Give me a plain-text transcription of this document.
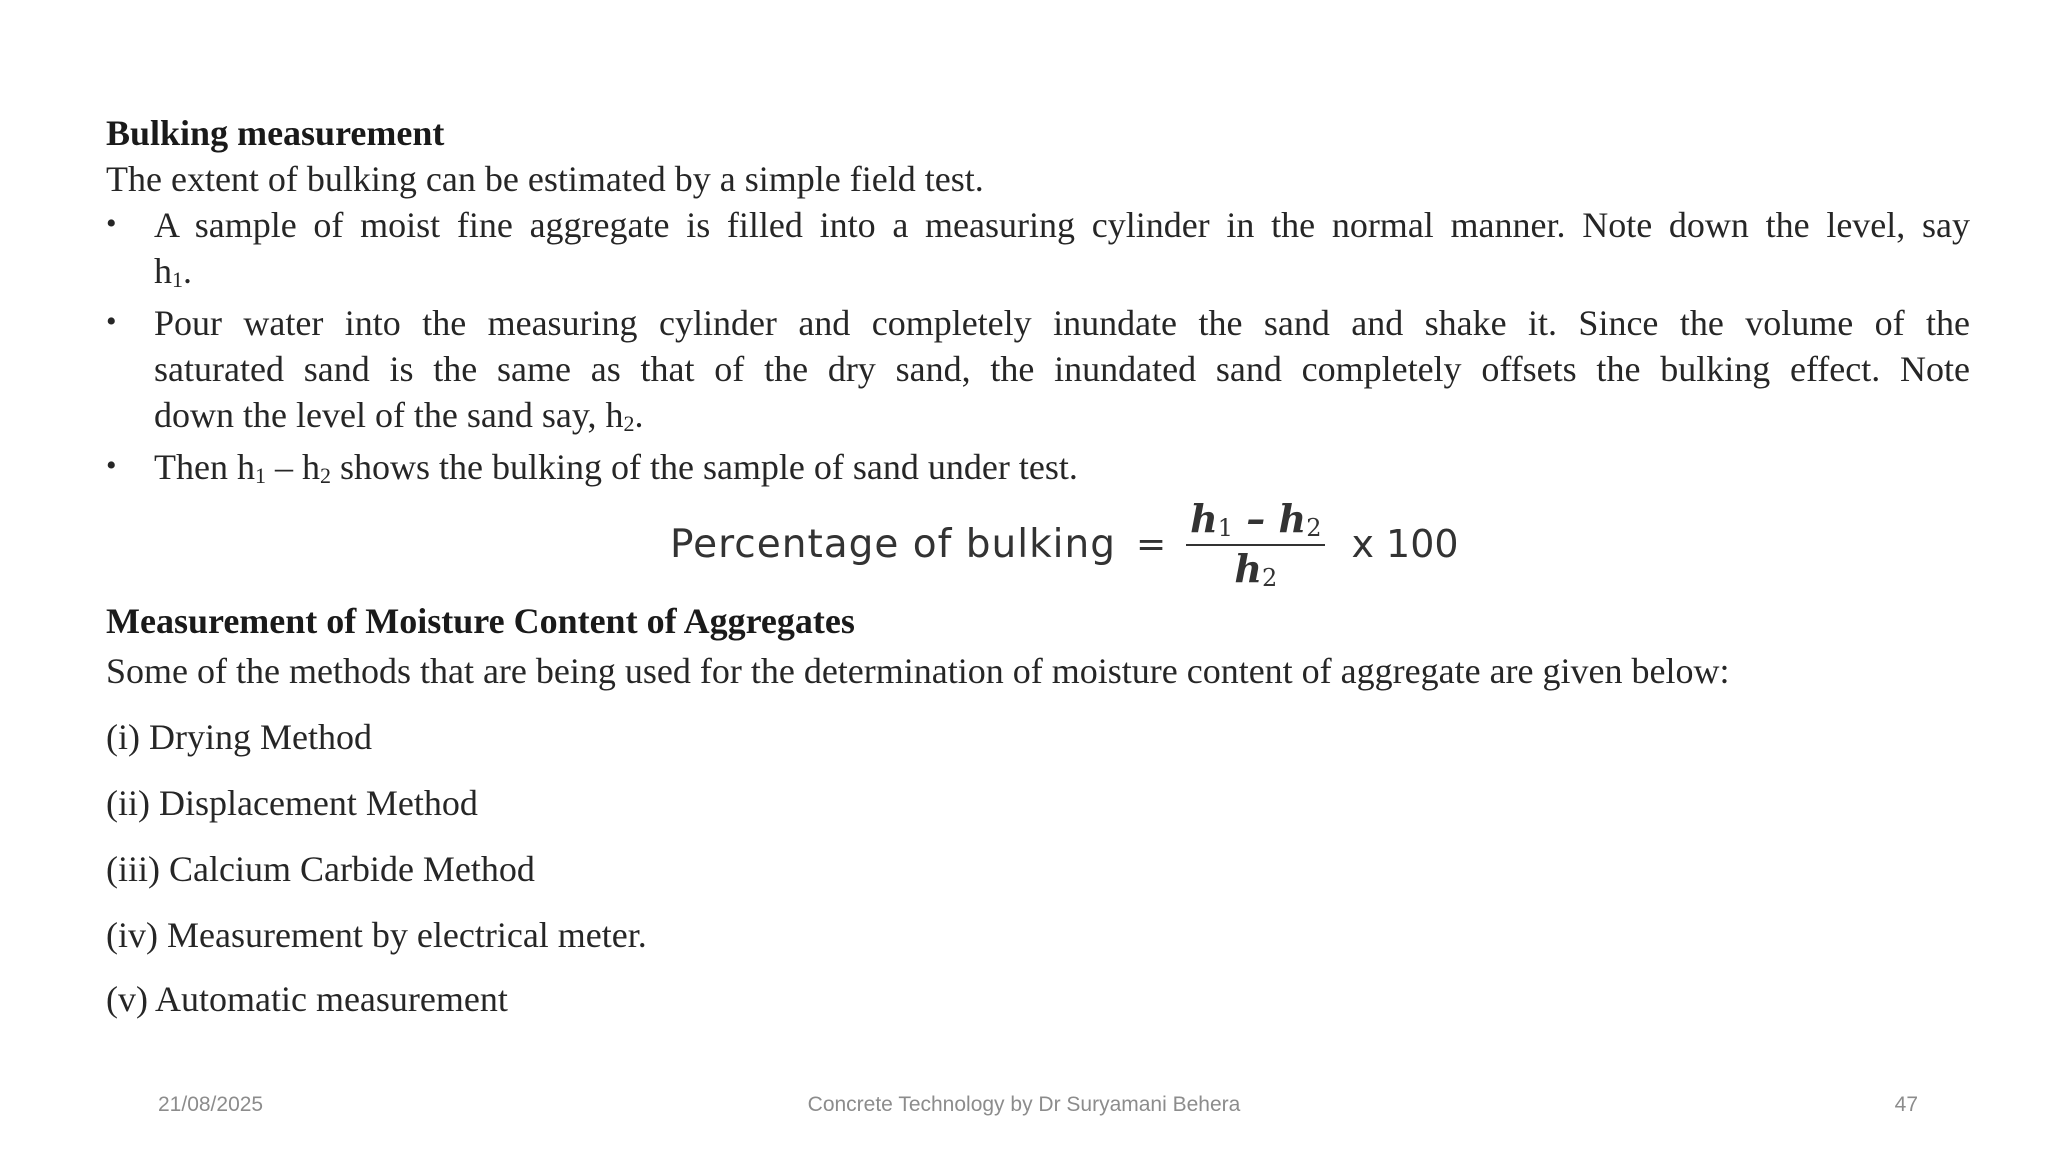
Bulking measurement
The extent of bulking can be estimated by a simple field test.
•	A sample of moist fine aggregate is filled into a measuring cylinder in the normal manner. Note down the level, say
$h_1$.
•	Pour water into the measuring cylinder and completely inundate the sand and shake it. Since the volume of the
saturated sand is the same as that of the dry sand, the inundated sand completely offsets the bulking effect. Note
down the level of the sand say, $h_2$.
•	Then $h_1 - h_2$ shows the bulking of the sample of sand under test.
Percentage of bulking = $\frac{h_1 - h_2}{h_2}$ x 100
Measurement of Moisture Content of Aggregates
Some of the methods that are being used for the determination of moisture content of aggregate are given below:
(i) Drying Method
(ii) Displacement Method
(iii) Calcium Carbide Method
(iv) Measurement by electrical meter.
(v) Automatic measurement
21/08/2025	Concrete Technology by Dr Suryamani Behera	47
